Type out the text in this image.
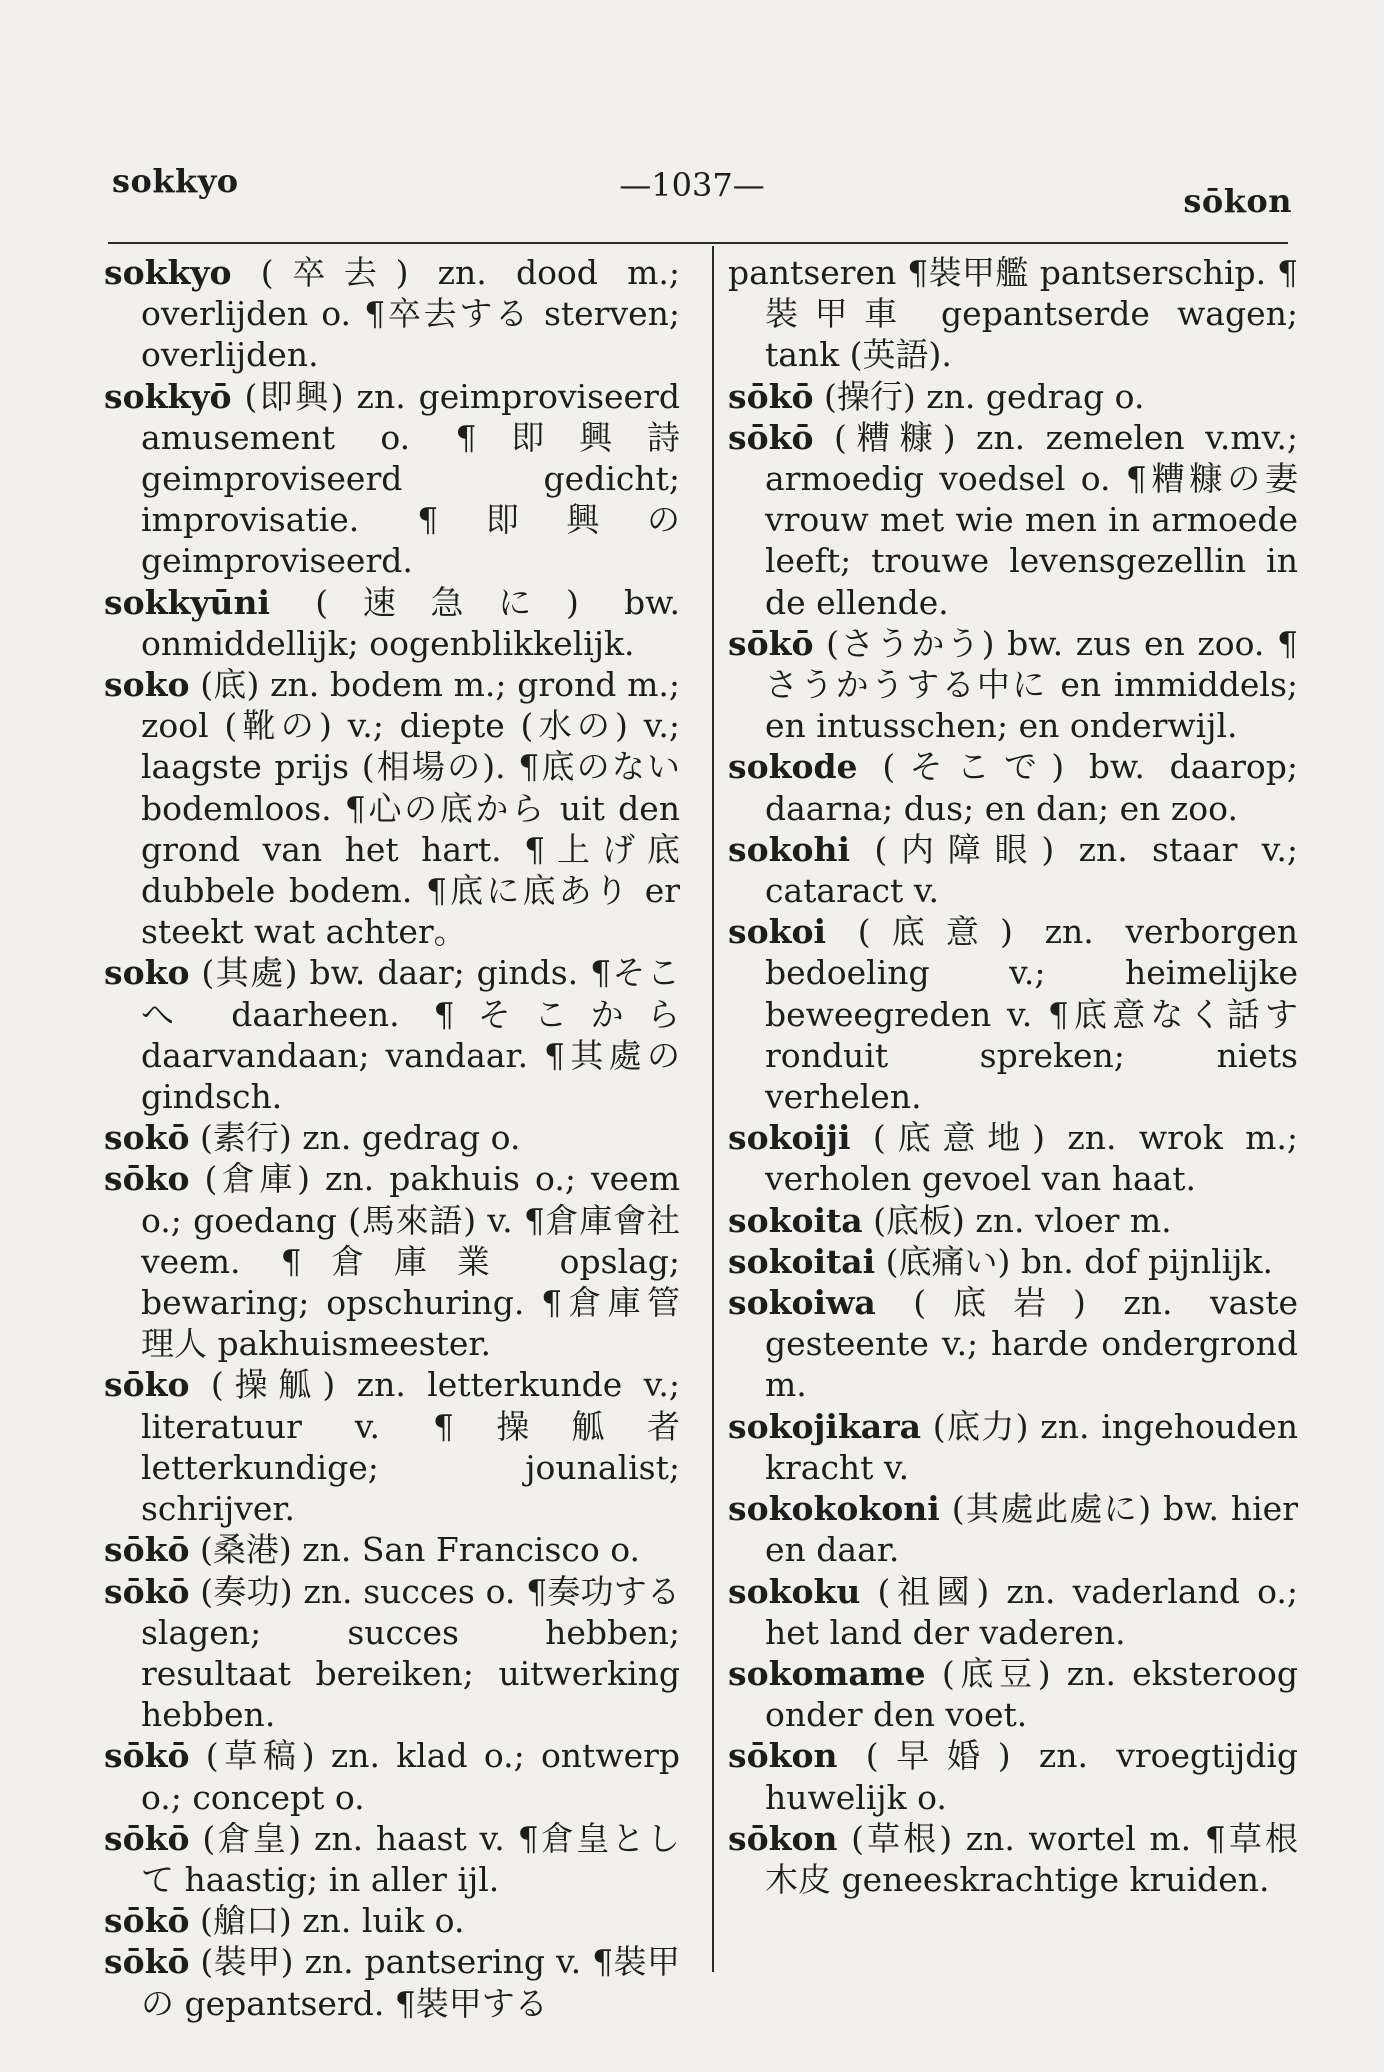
sokkyo	—1037—	sōkon

sokkyo (卒去) zn. dood m.; overlijden o. ¶卒去する sterven; overlijden.

sokkyō (即興) zn. geimproviseerd amusement o. ¶即興詩 geimproviseerd gedicht; improvisatie. ¶即興の geimproviseerd.

sokkyūni (速急に) bw. onmiddellijk; oogenblikkelijk.

soko (底) zn. bodem m.; grond m.; zool (靴の) v.; diepte (水の) v.; laagste prijs (相場の). ¶底のない bodemloos. ¶心の底から uit den grond van het hart. ¶上げ底 dubbele bodem. ¶底に底あり er steekt wat achter。

soko (其處) bw. daar; ginds. ¶そこへ daarheen. ¶そこから daarvandaan; vandaar. ¶其處の gindsch.

sokō (素行) zn. gedrag o.

sōko (倉庫) zn. pakhuis o.; veem o.; goedang (馬來語) v. ¶倉庫會社 veem. ¶倉庫業 opslag; bewaring; opschuring. ¶倉庫管理人 pakhuismeester.

sōko (操觚) zn. letterkunde v.; literatuur v. ¶操觚者 letterkundige; jounalist; schrijver.

sōkō (桑港) zn. San Francisco o.

sōkō (奏功) zn. succes o. ¶奏功する slagen; succes hebben; resultaat bereiken; uitwerking hebben.

sōkō (草稿) zn. klad o.; ontwerp o.; concept o.

sōkō (倉皇) zn. haast v. ¶倉皇として haastig; in aller ijl.

sōkō (艙口) zn. luik o.

sōkō (裝甲) zn. pantsering v. ¶裝甲の gepantserd. ¶裝甲する

pantseren ¶裝甲艦 pantserschip. ¶裝甲車 gepantserde wagen; tank (英語).

sōkō (操行) zn. gedrag o.

sōkō (糟糠) zn. zemelen v.mv.; armoedig voedsel o. ¶糟糠の妻 vrouw met wie men in armoede leeft; trouwe levensgezellin in de ellende.

sōkō (さうかう) bw. zus en zoo. ¶さうかうする中に en immiddels; en intusschen; en onderwijl.

sokode (そこで) bw. daarop; daarna; dus; en dan; en zoo.

sokohi (内障眼) zn. staar v.; cataract v.

sokoi (底意) zn. verborgen bedoeling v.; heimelijke beweegreden v. ¶底意なく話す ronduit spreken; niets verhelen.

sokoiji (底意地) zn. wrok m.; verholen gevoel van haat.

sokoita (底板) zn. vloer m.

sokoitai (底痛い) bn. dof pijnlijk.

sokoiwa (底岩) zn. vaste gesteente v.; harde ondergrond m.

sokojikara (底力) zn. ingehouden kracht v.

sokokokoni (其處此處に) bw. hier en daar.

sokoku (祖國) zn. vaderland o.; het land der vaderen.

sokomame (底豆) zn. eksteroog onder den voet.

sōkon (早婚) zn. vroegtijdig huwelijk o.

sōkon (草根) zn. wortel m. ¶草根木皮 geneeskrachtige kruiden.
